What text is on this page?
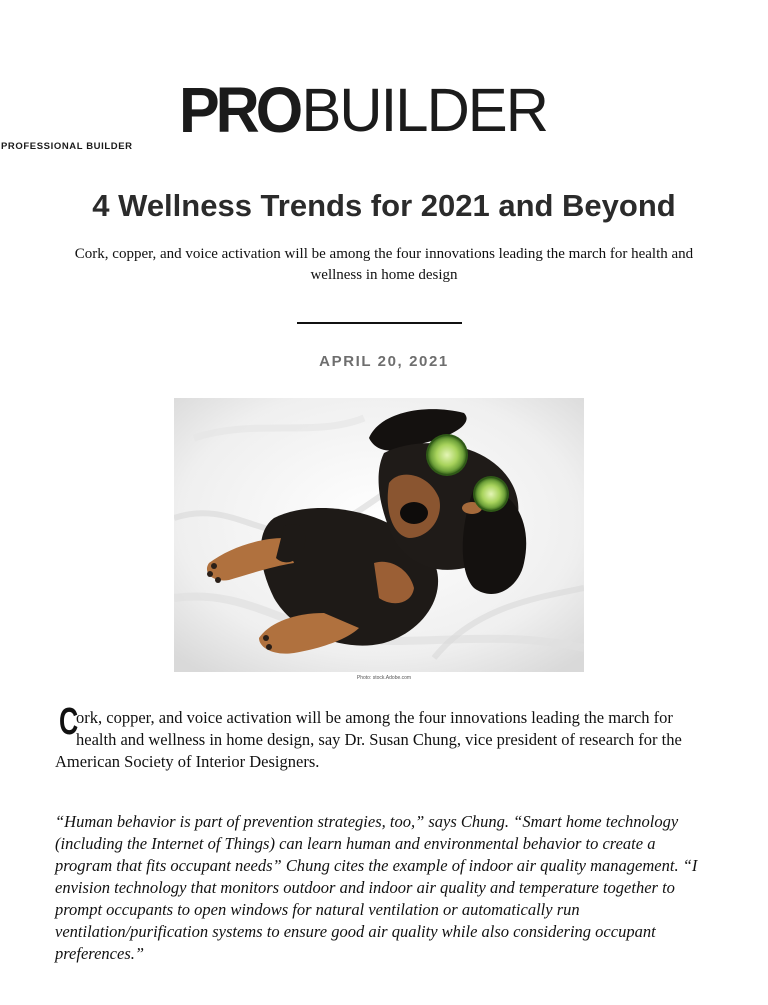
PROBUILDER
PROFESSIONAL BUILDER
4 Wellness Trends for 2021 and Beyond

Cork, copper, and voice activation will be among the four innovations leading the march for health and wellness in home design

APRIL 20, 2021
Photo: stock.Adobe.com

C
ork, copper, and voice activation will be among the four innovations leading the march for health and wellness in home design, say Dr. Susan Chung, vice president of research for the American Society of Interior Designers.

“Human behavior is part of prevention strategies, too,” says Chung. “Smart home technology (including the Internet of Things) can learn human and environmental behavior to create a program that fits occupant needs” Chung cites the example of indoor air quality management. “I envision technology that monitors outdoor and indoor air quality and temperature together to prompt occupants to open windows for natural ventilation or automatically run ventilation/purification systems to ensure good air quality while also considering occupant preferences.”
